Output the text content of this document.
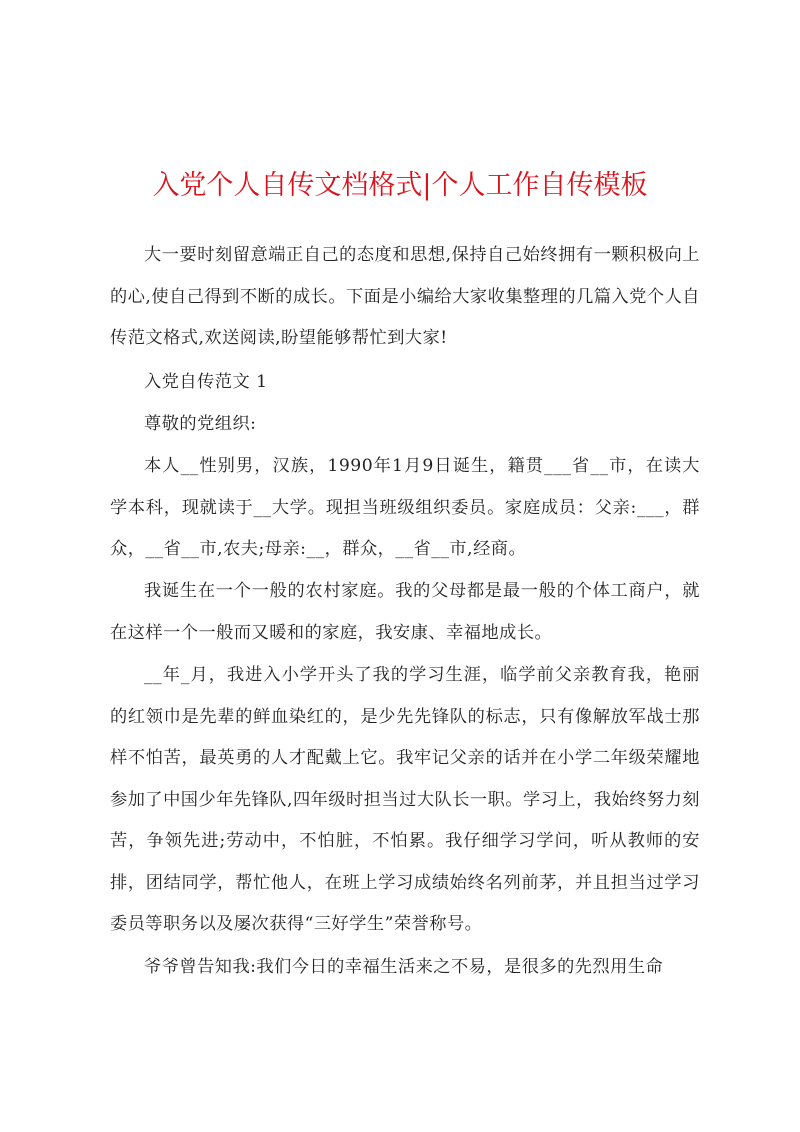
入党个人自传文档格式|个人工作自传模板

大一要时刻留意端正自己的态度和思想,保持自己始终拥有一颗积极向上的心,使自己得到不断的成长。下面是小编给大家收集整理的几篇入党个人自传范文格式,欢送阅读,盼望能够帮忙到大家!

入党自传范文 1

尊敬的党组织:

本人__性别男，汉族，1990年1月9日诞生，籍贯___省__市，在读大学本科，现就读于__大学。现担当班级组织委员。家庭成员：父亲:___，群众，__省__市,农夫;母亲:__，群众，__省__市,经商。

我诞生在一个一般的农村家庭。我的父母都是最一般的个体工商户，就在这样一个一般而又暖和的家庭，我安康、幸福地成长。

__年_月，我进入小学开头了我的学习生涯，临学前父亲教育我，艳丽的红领巾是先辈的鲜血染红的，是少先先锋队的标志，只有像解放军战士那样不怕苦，最英勇的人才配戴上它。我牢记父亲的话并在小学二年级荣耀地参加了中国少年先锋队,四年级时担当过大队长一职。学习上，我始终努力刻苦，争领先进;劳动中，不怕脏，不怕累。我仔细学习学问，听从教师的安排，团结同学，帮忙他人，在班上学习成绩始终名列前茅，并且担当过学习委员等职务以及屡次获得“三好学生”荣誉称号。

爷爷曾告知我:我们今日的幸福生活来之不易，是很多的先烈用生命
